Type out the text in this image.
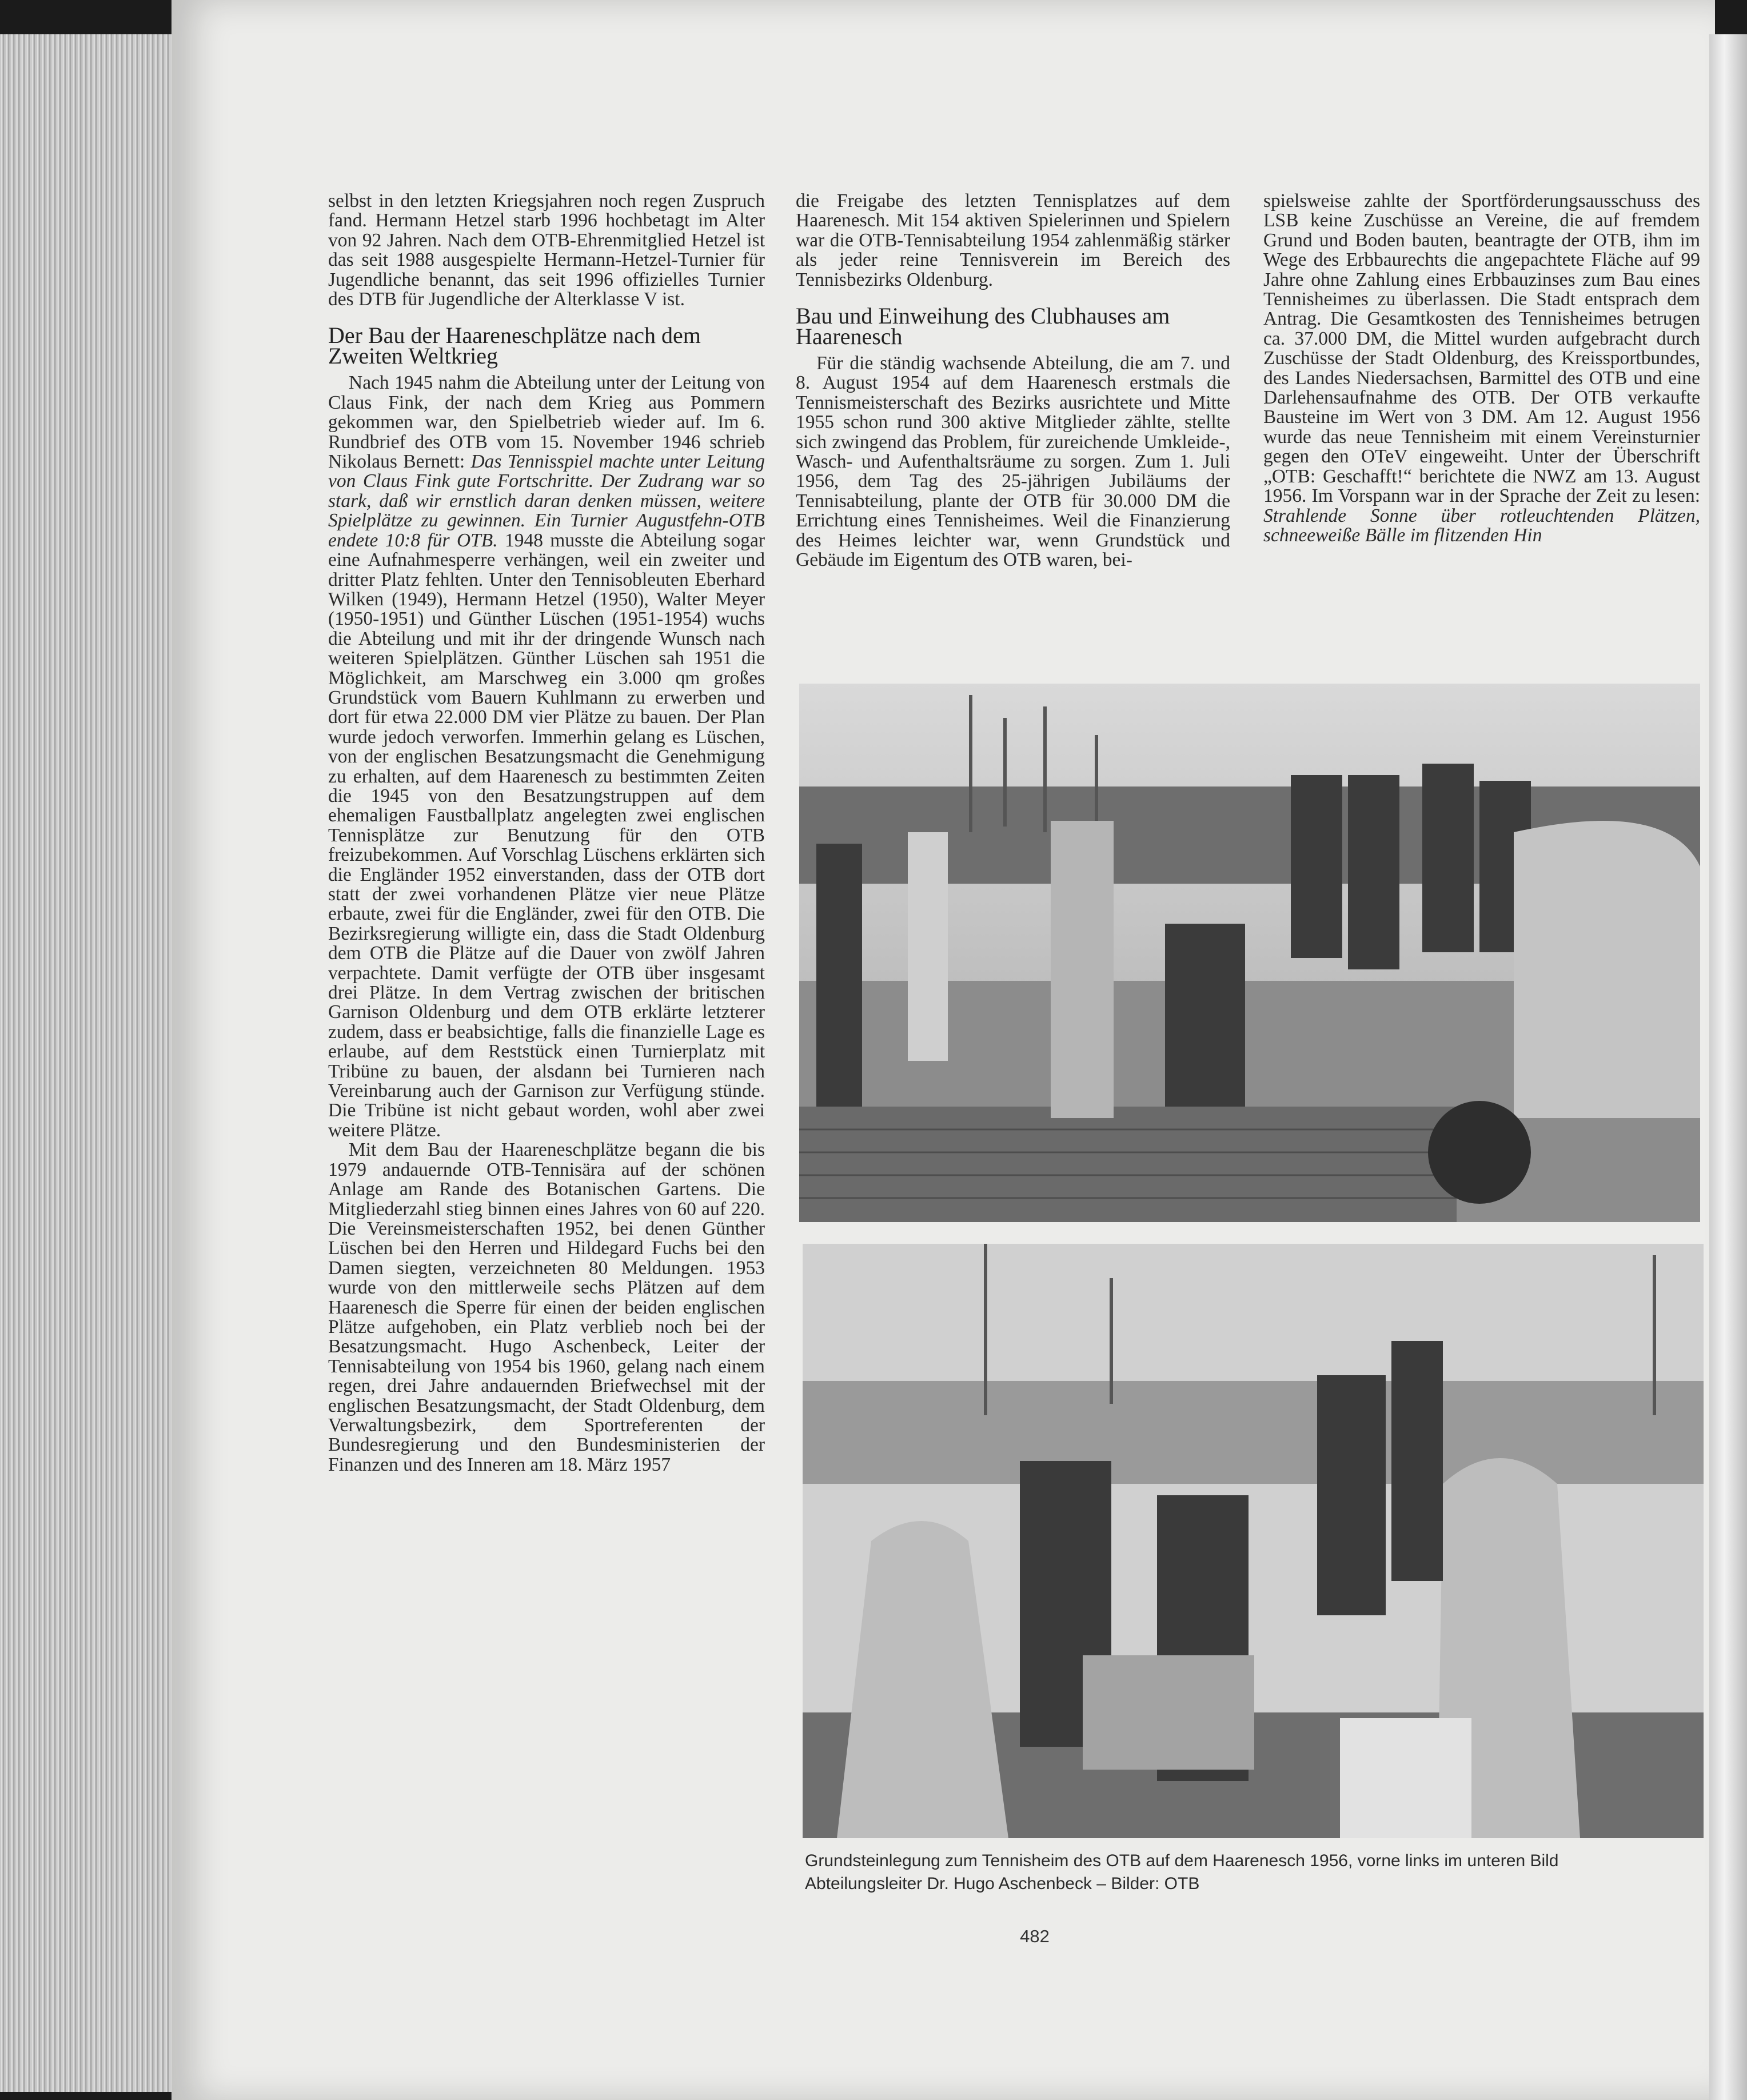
selbst in den letzten Kriegsjahren noch regen Zuspruch fand. Hermann Hetzel starb 1996 hochbetagt im Alter von 92 Jahren. Nach dem OTB-Ehrenmitglied Hetzel ist das seit 1988 ausgespielte Hermann-Hetzel-Turnier für Jugendliche benannt, das seit 1996 offizielles Turnier des DTB für Jugendliche der Alterklasse V ist.

Der Bau der Haareneschplätze nach dem Zweiten Weltkrieg

Nach 1945 nahm die Abteilung unter der Leitung von Claus Fink, der nach dem Krieg aus Pommern gekommen war, den Spielbetrieb wieder auf. Im 6. Rundbrief des OTB vom 15. November 1946 schrieb Nikolaus Bernett: Das Tennisspiel machte unter Leitung von Claus Fink gute Fortschritte. Der Zudrang war so stark, daß wir ernstlich daran denken müssen, weitere Spielplätze zu gewinnen. Ein Turnier Augustfehn-OTB endete 10:8 für OTB. 1948 musste die Abteilung sogar eine Aufnahmesperre verhängen, weil ein zweiter und dritter Platz fehlten. Unter den Tennisobleuten Eberhard Wilken (1949), Hermann Hetzel (1950), Walter Meyer (1950-1951) und Günther Lüschen (1951-1954) wuchs die Abteilung und mit ihr der dringende Wunsch nach weiteren Spielplätzen. Günther Lüschen sah 1951 die Möglichkeit, am Marschweg ein 3.000 qm großes Grundstück vom Bauern Kuhlmann zu erwerben und dort für etwa 22.000 DM vier Plätze zu bauen. Der Plan wurde jedoch verworfen. Immerhin gelang es Lüschen, von der englischen Besatzungsmacht die Genehmigung zu erhalten, auf dem Haarenesch zu bestimmten Zeiten die 1945 von den Besatzungstruppen auf dem ehemaligen Faustballplatz angelegten zwei englischen Tennisplätze zur Benutzung für den OTB freizubekommen. Auf Vorschlag Lüschens erklärten sich die Engländer 1952 einverstanden, dass der OTB dort statt der zwei vorhandenen Plätze vier neue Plätze erbaute, zwei für die Engländer, zwei für den OTB. Die Bezirksregierung willigte ein, dass die Stadt Oldenburg dem OTB die Plätze auf die Dauer von zwölf Jahren verpachtete. Damit verfügte der OTB über insgesamt drei Plätze. In dem Vertrag zwischen der britischen Garnison Oldenburg und dem OTB erklärte letzterer zudem, dass er beabsichtige, falls die finanzielle Lage es erlaube, auf dem Reststück einen Turnierplatz mit Tribüne zu bauen, der alsdann bei Turnieren nach Vereinbarung auch der Garnison zur Verfügung stünde. Die Tribüne ist nicht gebaut worden, wohl aber zwei weitere Plätze.

Mit dem Bau der Haareneschplätze begann die bis 1979 andauernde OTB-Tennisära auf der schönen Anlage am Rande des Botanischen Gartens. Die Mitgliederzahl stieg binnen eines Jahres von 60 auf 220. Die Vereinsmeisterschaften 1952, bei denen Günther Lüschen bei den Herren und Hildegard Fuchs bei den Damen siegten, verzeichneten 80 Meldungen. 1953 wurde von den mittlerweile sechs Plätzen auf dem Haarenesch die Sperre für einen der beiden englischen Plätze aufgehoben, ein Platz verblieb noch bei der Besatzungsmacht. Hugo Aschenbeck, Leiter der Tennisabteilung von 1954 bis 1960, gelang nach einem regen, drei Jahre andauernden Briefwechsel mit der englischen Besatzungsmacht, der Stadt Oldenburg, dem Verwaltungsbezirk, dem Sportreferenten der Bundesregierung und den Bundesministerien der Finanzen und des Inneren am 18. März 1957

die Freigabe des letzten Tennisplatzes auf dem Haarenesch. Mit 154 aktiven Spielerinnen und Spielern war die OTB-Tennisabteilung 1954 zahlenmäßig stärker als jeder reine Tennisverein im Bereich des Tennisbezirks Oldenburg.

Bau und Einweihung des Clubhauses am Haarenesch

Für die ständig wachsende Abteilung, die am 7. und 8. August 1954 auf dem Haarenesch erstmals die Tennismeisterschaft des Bezirks ausrichtete und Mitte 1955 schon rund 300 aktive Mitglieder zählte, stellte sich zwingend das Problem, für zureichende Umkleide-, Wasch- und Aufenthaltsräume zu sorgen. Zum 1. Juli 1956, dem Tag des 25-jährigen Jubiläums der Tennisabteilung, plante der OTB für 30.000 DM die Errichtung eines Tennisheimes. Weil die Finanzierung des Heimes leichter war, wenn Grundstück und Gebäude im Eigentum des OTB waren, bei-

spielsweise zahlte der Sportförderungsausschuss des LSB keine Zuschüsse an Vereine, die auf fremdem Grund und Boden bauten, beantragte der OTB, ihm im Wege des Erbbaurechts die angepachtete Fläche auf 99 Jahre ohne Zahlung eines Erbbauzinses zum Bau eines Tennisheimes zu überlassen. Die Stadt entsprach dem Antrag. Die Gesamtkosten des Tennisheimes betrugen ca. 37.000 DM, die Mittel wurden aufgebracht durch Zuschüsse der Stadt Oldenburg, des Kreissportbundes, des Landes Niedersachsen, Barmittel des OTB und eine Darlehensaufnahme des OTB. Der OTB verkaufte Bausteine im Wert von 3 DM. Am 12. August 1956 wurde das neue Tennisheim mit einem Vereinsturnier gegen den OTeV eingeweiht. Unter der Überschrift „OTB: Geschafft!“ berichtete die NWZ am 13. August 1956. Im Vorspann war in der Sprache der Zeit zu lesen: Strahlende Sonne über rotleuchtenden Plätzen, schneeweiße Bälle im flitzenden Hin

Grundsteinlegung zum Tennisheim des OTB auf dem Haarenesch 1956, vorne links im unteren Bild
Abteilungsleiter Dr. Hugo Aschenbeck – Bilder: OTB
482
